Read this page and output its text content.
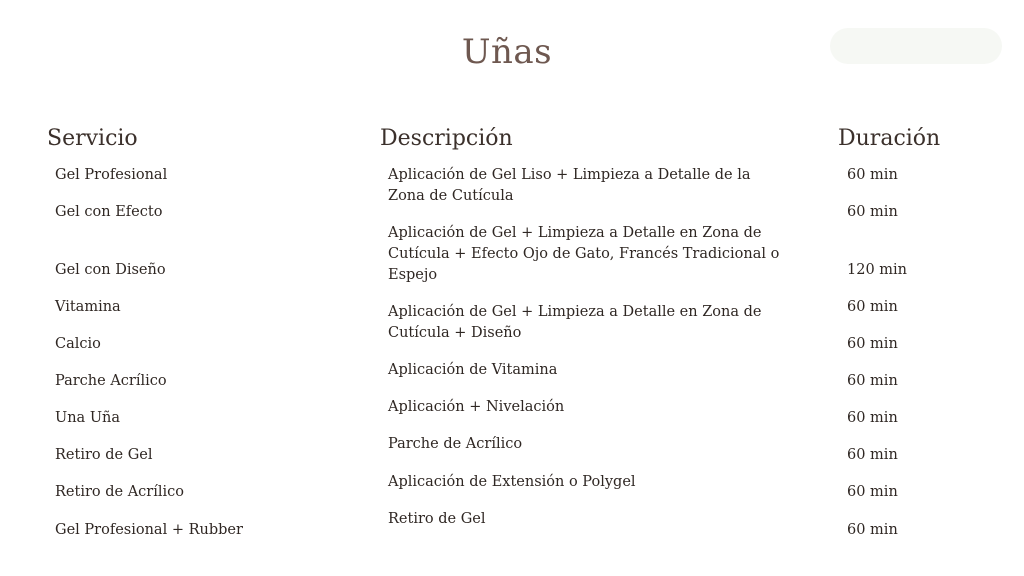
Uñas
Servicio	Descripción	Duración
Gel Profesional
Gel con Efecto
Gel con Diseño
Vitamina
Calcio
Parche Acrílico
Una Uña
Retiro de Gel
Retiro de Acrílico
Gel Profesional + Rubber
Aplicación de Gel Liso + Limpieza a Detalle de la Zona de Cutícula
Aplicación de Gel + Limpieza a Detalle en Zona de Cutícula + Efecto Ojo de Gato, Francés Tradicional o Espejo
Aplicación de Gel + Limpieza a Detalle en Zona de Cutícula + Diseño
Aplicación de Vitamina
Aplicación + Nivelación
Parche de Acrílico
Aplicación de Extensión o Polygel
Retiro de Gel
60 min
60 min
120 min
60 min
60 min
60 min
60 min
60 min
60 min
60 min
